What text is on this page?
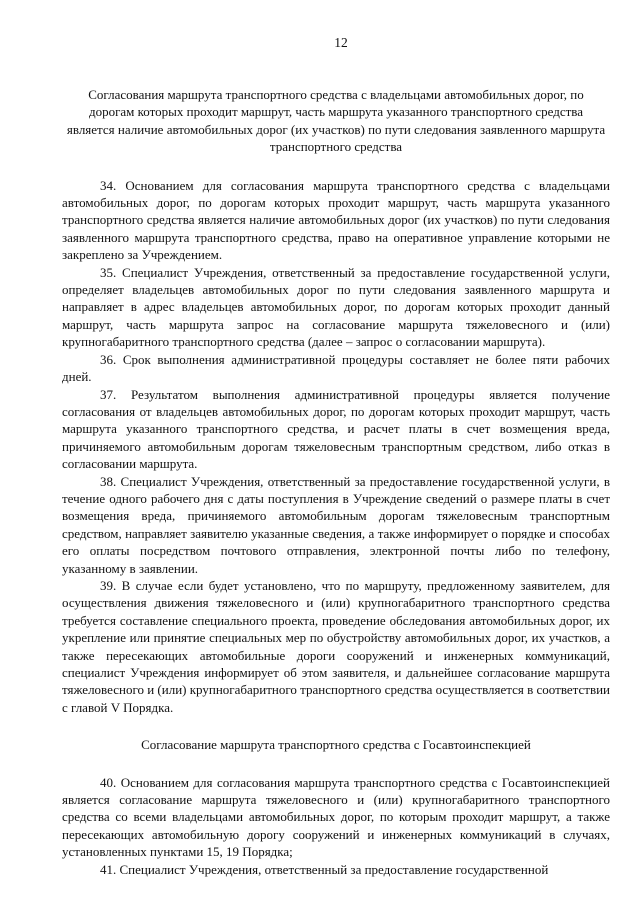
12

Согласования маршрута транспортного средства с владельцами автомобильных дорог, по дорогам которых проходит маршрут, часть маршрута указанного транспортного средства является наличие автомобильных дорог (их участков) по пути следования заявленного маршрута транспортного средства

34. Основанием для согласования маршрута транспортного средства с владельцами автомобильных дорог, по дорогам которых проходит маршрут, часть маршрута указанного транспортного средства является наличие автомобильных дорог (их участков) по пути следования заявленного маршрута транспортного средства, право на оперативное управление которыми не закреплено за Учреждением.

35. Специалист Учреждения, ответственный за предоставление государственной услуги, определяет владельцев автомобильных дорог по пути следования заявленного маршрута и направляет в адрес владельцев автомобильных дорог, по дорогам которых проходит данный маршрут, часть маршрута запрос на согласование маршрута тяжеловесного и (или) крупногабаритного транспортного средства (далее – запрос о согласовании маршрута).

36. Срок выполнения административной процедуры составляет не более пяти рабочих дней.

37. Результатом выполнения административной процедуры является получение согласования от владельцев автомобильных дорог, по дорогам которых проходит маршрут, часть маршрута указанного транспортного средства, и расчет платы в счет возмещения вреда, причиняемого автомобильным дорогам тяжеловесным транспортным средством, либо отказ в согласовании маршрута.

38. Специалист Учреждения, ответственный за предоставление государственной услуги, в течение одного рабочего дня с даты поступления в Учреждение сведений о размере платы в счет возмещения вреда, причиняемого автомобильным дорогам тяжеловесным транспортным средством, направляет заявителю указанные сведения, а также информирует о порядке и способах его оплаты посредством почтового отправления, электронной почты либо по телефону, указанному в заявлении.

39. В случае если будет установлено, что по маршруту, предложенному заявителем, для осуществления движения тяжеловесного и (или) крупногабаритного транспортного средства требуется составление специального проекта, проведение обследования автомобильных дорог, их укрепление или принятие специальных мер по обустройству автомобильных дорог, их участков, а также пересекающих автомобильные дороги сооружений и инженерных коммуникаций, специалист Учреждения информирует об этом заявителя, и дальнейшее согласование маршрута тяжеловесного и (или) крупногабаритного транспортного средства осуществляется в соответствии с главой V Порядка.

Согласование маршрута транспортного средства с Госавтоинспекцией

40. Основанием для согласования маршрута транспортного средства с Госавтоинспекцией является согласование маршрута тяжеловесного и (или) крупногабаритного транспортного средства со всеми владельцами автомобильных дорог, по которым проходит маршрут, а также пересекающих автомобильную дорогу сооружений и инженерных коммуникаций в случаях, установленных пунктами 15, 19 Порядка;

41. Специалист Учреждения, ответственный за предоставление государственной
